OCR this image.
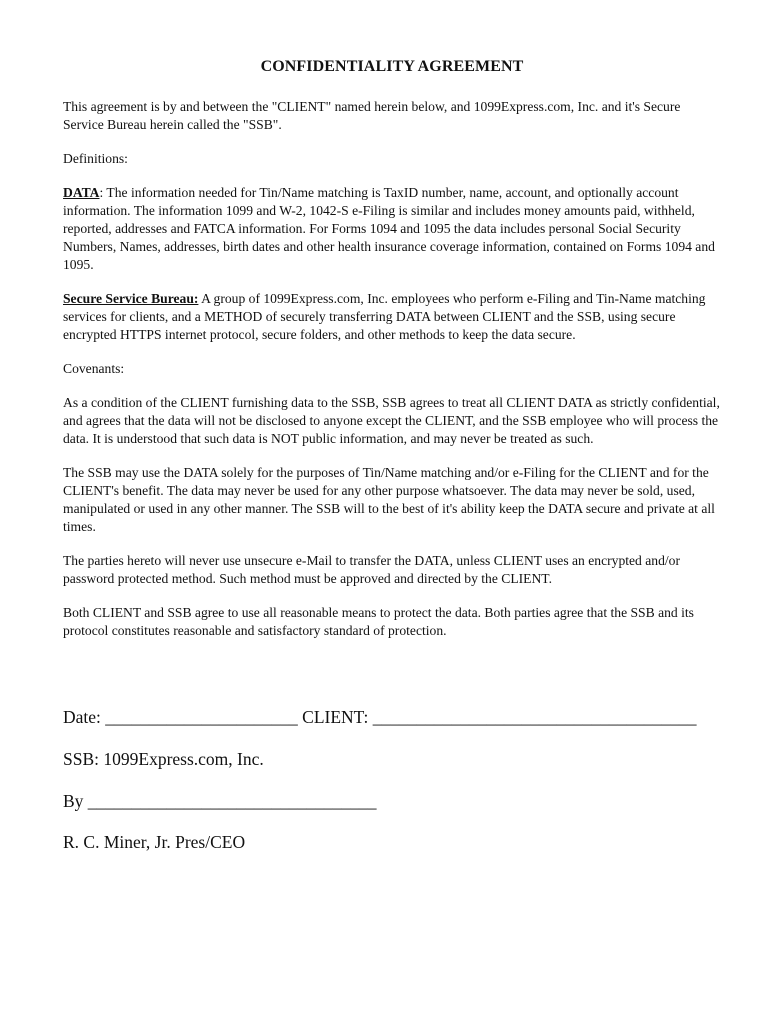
CONFIDENTIALITY AGREEMENT

This agreement is by and between the "CLIENT" named herein below, and 1099Express.com, Inc. and it's Secure Service Bureau herein called the "SSB".

Definitions:

DATA: The information needed for Tin/Name matching is TaxID number, name, account, and optionally account information. The information 1099 and W-2, 1042-S e-Filing is similar and includes money amounts paid, withheld, reported, addresses and FATCA information. For Forms 1094 and 1095 the data includes personal Social Security Numbers, Names, addresses, birth dates and other health insurance coverage information, contained on Forms 1094 and 1095.

Secure Service Bureau: A group of 1099Express.com, Inc. employees who perform e-Filing and Tin-Name matching services for clients, and a METHOD of securely transferring DATA between CLIENT and the SSB, using secure encrypted HTTPS internet protocol, secure folders, and other methods to keep the data secure.

Covenants:

As a condition of the CLIENT furnishing data to the SSB, SSB agrees to treat all CLIENT DATA as strictly confidential, and agrees that the data will not be disclosed to anyone except the CLIENT, and the SSB employee who will process the data. It is understood that such data is NOT public information, and may never be treated as such.

The SSB may use the DATA solely for the purposes of Tin/Name matching and/or e-Filing for the CLIENT and for the CLIENT's benefit. The data may never be used for any other purpose whatsoever. The data may never be sold, used, manipulated or used in any other manner. The SSB will to the best of it's ability keep the DATA secure and private at all times.

The parties hereto will never use unsecure e-Mail to transfer the DATA, unless CLIENT uses an encrypted and/or password protected method. Such method must be approved and directed by the CLIENT.

Both CLIENT and SSB agree to use all reasonable means to protect the data. Both parties agree that the SSB and its protocol constitutes reasonable and satisfactory standard of protection.

Date: ______________________ CLIENT: _____________________________________
SSB: 1099Express.com, Inc.
By _________________________________
R. C. Miner, Jr. Pres/CEO
